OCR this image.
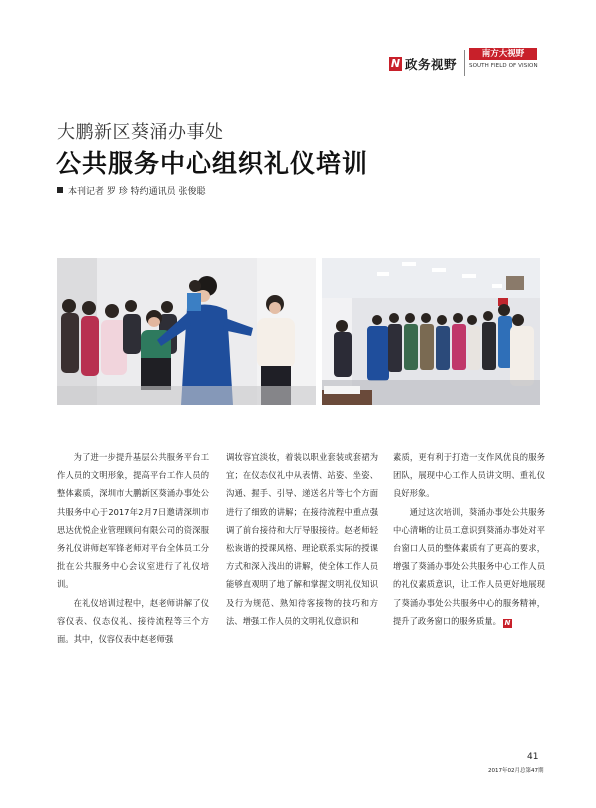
N 政务视野
南方大视野
SOUTH FIELD OF VISION
大鹏新区葵涌办事处
公共服务中心组织礼仪培训
本刊记者 罗 珍 特约通讯员 张俊聪

为了进一步提升基层公共服务平台工作人员的文明形象，提高平台工作人员的整体素质，深圳市大鹏新区葵涌办事处公共服务中心于2017年2月7日邀请深圳市思达优悦企业管理顾问有限公司的资深服务礼仪讲师赵军锋老师对平台全体员工分批在公共服务中心会议室进行了礼仪培训。

在礼仪培训过程中，赵老师讲解了仪容仪表、仪态仪礼、接待流程等三个方面。其中，仪容仪表中赵老师强

调妆容宜淡妆，着装以职业套装或套裙为宜；在仪态仪礼中从表情、站姿、坐姿、沟通、握手、引导、递送名片等七个方面进行了细致的讲解；在接待流程中重点强调了前台接待和大厅导服接待。赵老师轻松诙谐的授课风格、理论联系实际的授课方式和深入浅出的讲解，使全体工作人员能够直观明了地了解和掌握文明礼仪知识及行为规范、熟知待客接物的技巧和方法、增强工作人员的文明礼仪意识和

素质，更有利于打造一支作风优良的服务团队，展现中心工作人员讲文明、重礼仪良好形象。

通过这次培训，葵涌办事处公共服务中心清晰的让员工意识到葵涌办事处对平台窗口人员的整体素质有了更高的要求，增强了葵涌办事处公共服务中心工作人员的礼仪素质意识，让工作人员更好地展现了葵涌办事处公共服务中心的服务精神，提升了政务窗口的服务质量。 N

41
2017年02月总第47期
